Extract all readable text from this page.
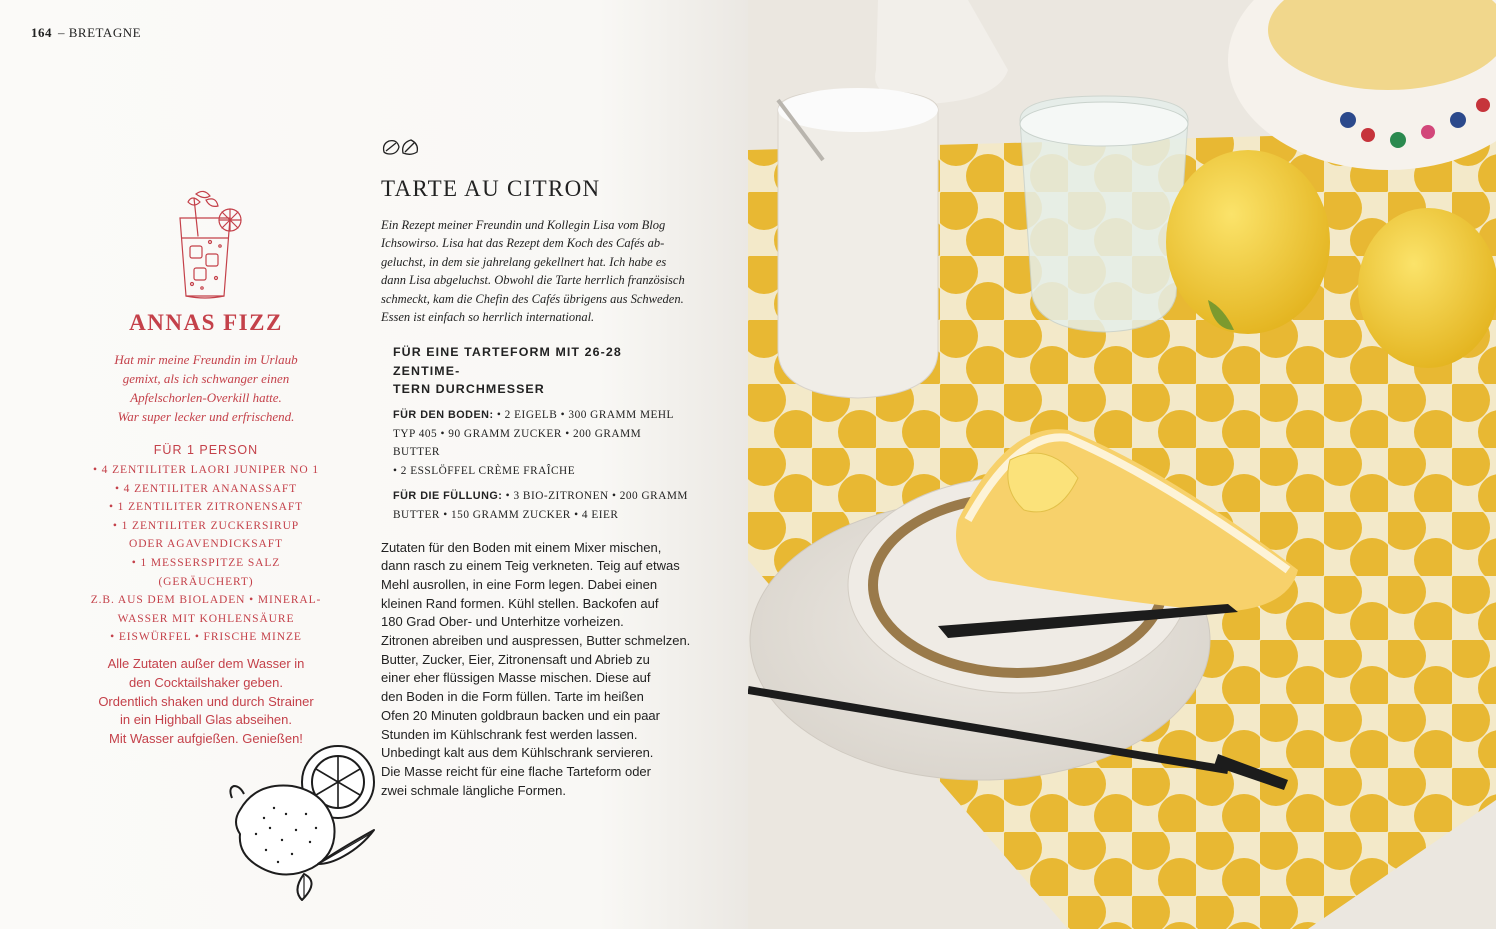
164 – BRETAGNE
ANNAS FIZZ
Hat mir meine Freundin im Urlaub
gemixt, als ich schwanger einen
Apfelschorlen-Overkill hatte.
War super lecker und erfrischend.
FÜR 1 PERSON
• 4 ZENTILITER LAORI JUNIPER NO 1
• 4 ZENTILITER ANANASSAFT
• 1 ZENTILITER ZITRONENSAFT
• 1 ZENTILITER ZUCKERSIRUP
ODER AGAVENDICKSAFT
• 1 MESSERSPITZE SALZ (GERÄUCHERT)
Z.B. AUS DEM BIOLADEN • MINERAL-
WASSER MIT KOHLENSÄURE
• EISWÜRFEL • FRISCHE MINZE
Alle Zutaten außer dem Wasser in
den Cocktailshaker geben.
Ordentlich shaken und durch Strainer
in ein Highball Glas abseihen.
Mit Wasser aufgießen. Genießen!
TARTE AU CITRON
Ein Rezept meiner Freundin und Kollegin Lisa vom Blog
Ichsowirso. Lisa hat das Rezept dem Koch des Cafés ab-
geluchst, in dem sie jahrelang gekellnert hat. Ich habe es
dann Lisa abgeluchst. Obwohl die Tarte herrlich französisch
schmeckt, kam die Chefin des Cafés übrigens aus Schweden.
Essen ist einfach so herrlich international.
FÜR EINE TARTEFORM MIT 26-28 ZENTIME-
TERN DURCHMESSER
FÜR DEN BODEN: • 2 EIGELB • 300 GRAMM MEHL
TYP 405 • 90 GRAMM ZUCKER • 200 GRAMM BUTTER
• 2 ESSLÖFFEL CRÈME FRAÎCHE
FÜR DIE FÜLLUNG: • 3 BIO-ZITRONEN • 200 GRAMM
BUTTER • 150 GRAMM ZUCKER • 4 EIER
Zutaten für den Boden mit einem Mixer mischen,
dann rasch zu einem Teig verkneten. Teig auf etwas
Mehl ausrollen, in eine Form legen. Dabei einen
kleinen Rand formen. Kühl stellen. Backofen auf
180 Grad Ober- und Unterhitze vorheizen.
Zitronen abreiben und auspressen, Butter schmelzen.
Butter, Zucker, Eier, Zitronensaft und Abrieb zu
einer eher flüssigen Masse mischen. Diese auf
den Boden in die Form füllen. Tarte im heißen
Ofen 20 Minuten goldbraun backen und ein paar
Stunden im Kühlschrank fest werden lassen.
Unbedingt kalt aus dem Kühlschrank servieren.
Die Masse reicht für eine flache Tarteform oder
zwei schmale längliche Formen.
